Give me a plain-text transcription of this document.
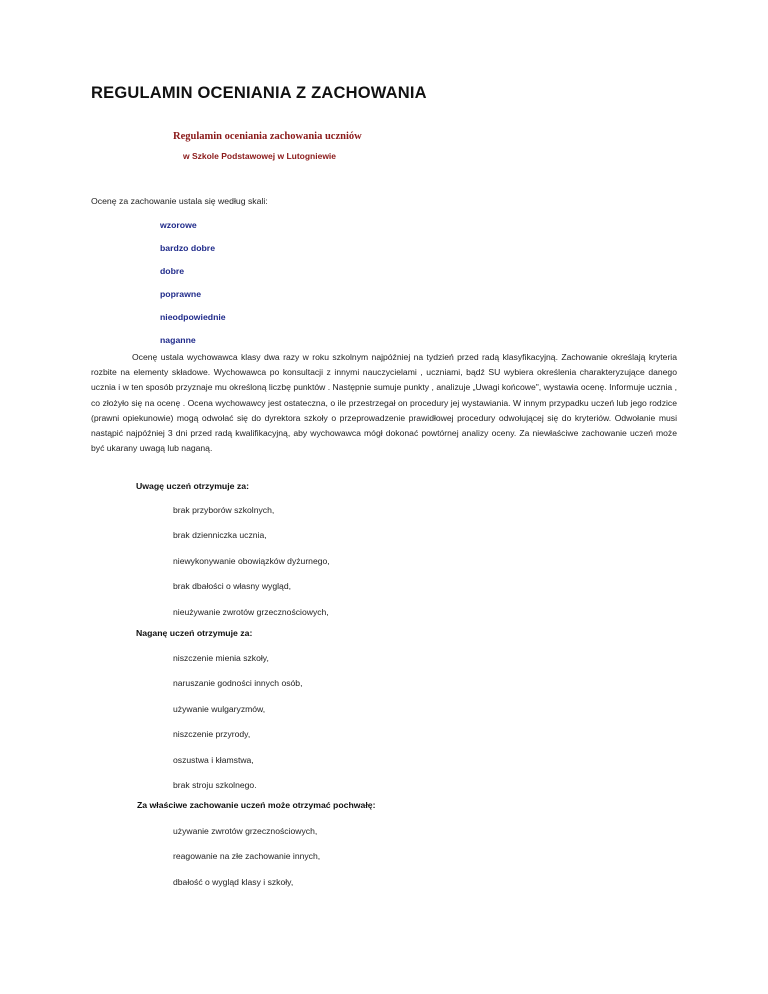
REGULAMIN OCENIANIA Z ZACHOWANIA
Regulamin oceniania zachowania uczniów
w Szkole Podstawowej w Lutogniewie
Ocenę za zachowanie ustala się według skali:
wzorowe
bardzo dobre
dobre
poprawne
nieodpowiednie
naganne

Ocenę ustala wychowawca klasy dwa razy w roku szkolnym najpóźniej na tydzień przed radą klasyfikacyjną. Zachowanie określają kryteria rozbite na elementy składowe. Wychowawca po konsultacji z innymi nauczycielami , uczniami, bądź SU wybiera określenia charakteryzujące danego ucznia i w ten sposób przyznaje mu określoną liczbę punktów . Następnie sumuje punkty , analizuje „Uwagi końcowe", wystawia ocenę. Informuje ucznia , co złożyło się na ocenę . Ocena wychowawcy jest ostateczna, o ile przestrzegał on procedury jej wystawiania. W innym przypadku uczeń lub jego rodzice (prawni opiekunowie) mogą odwołać się do dyrektora szkoły o przeprowadzenie prawidłowej procedury odwołującej się do kryteriów. Odwołanie musi nastąpić najpóźniej 3 dni przed radą kwalifikacyjną, aby wychowawca mógł dokonać powtórnej analizy oceny. Za niewłaściwe zachowanie uczeń może być ukarany uwagą lub naganą.

Uwagę uczeń otrzymuje za:
brak przyborów szkolnych,
brak dzienniczka ucznia,
niewykonywanie obowiązków dyżurnego,
brak dbałości o własny wygląd,
nieużywanie zwrotów grzecznościowych,
Naganę uczeń otrzymuje za:
niszczenie mienia szkoły,
naruszanie godności innych osób,
używanie wulgaryzmów,
niszczenie przyrody,
oszustwa i kłamstwa,
brak stroju szkolnego.
Za właściwe zachowanie uczeń może otrzymać pochwałę:
używanie zwrotów grzecznościowych,
reagowanie na złe zachowanie innych,
dbałość o wygląd klasy i szkoły,
